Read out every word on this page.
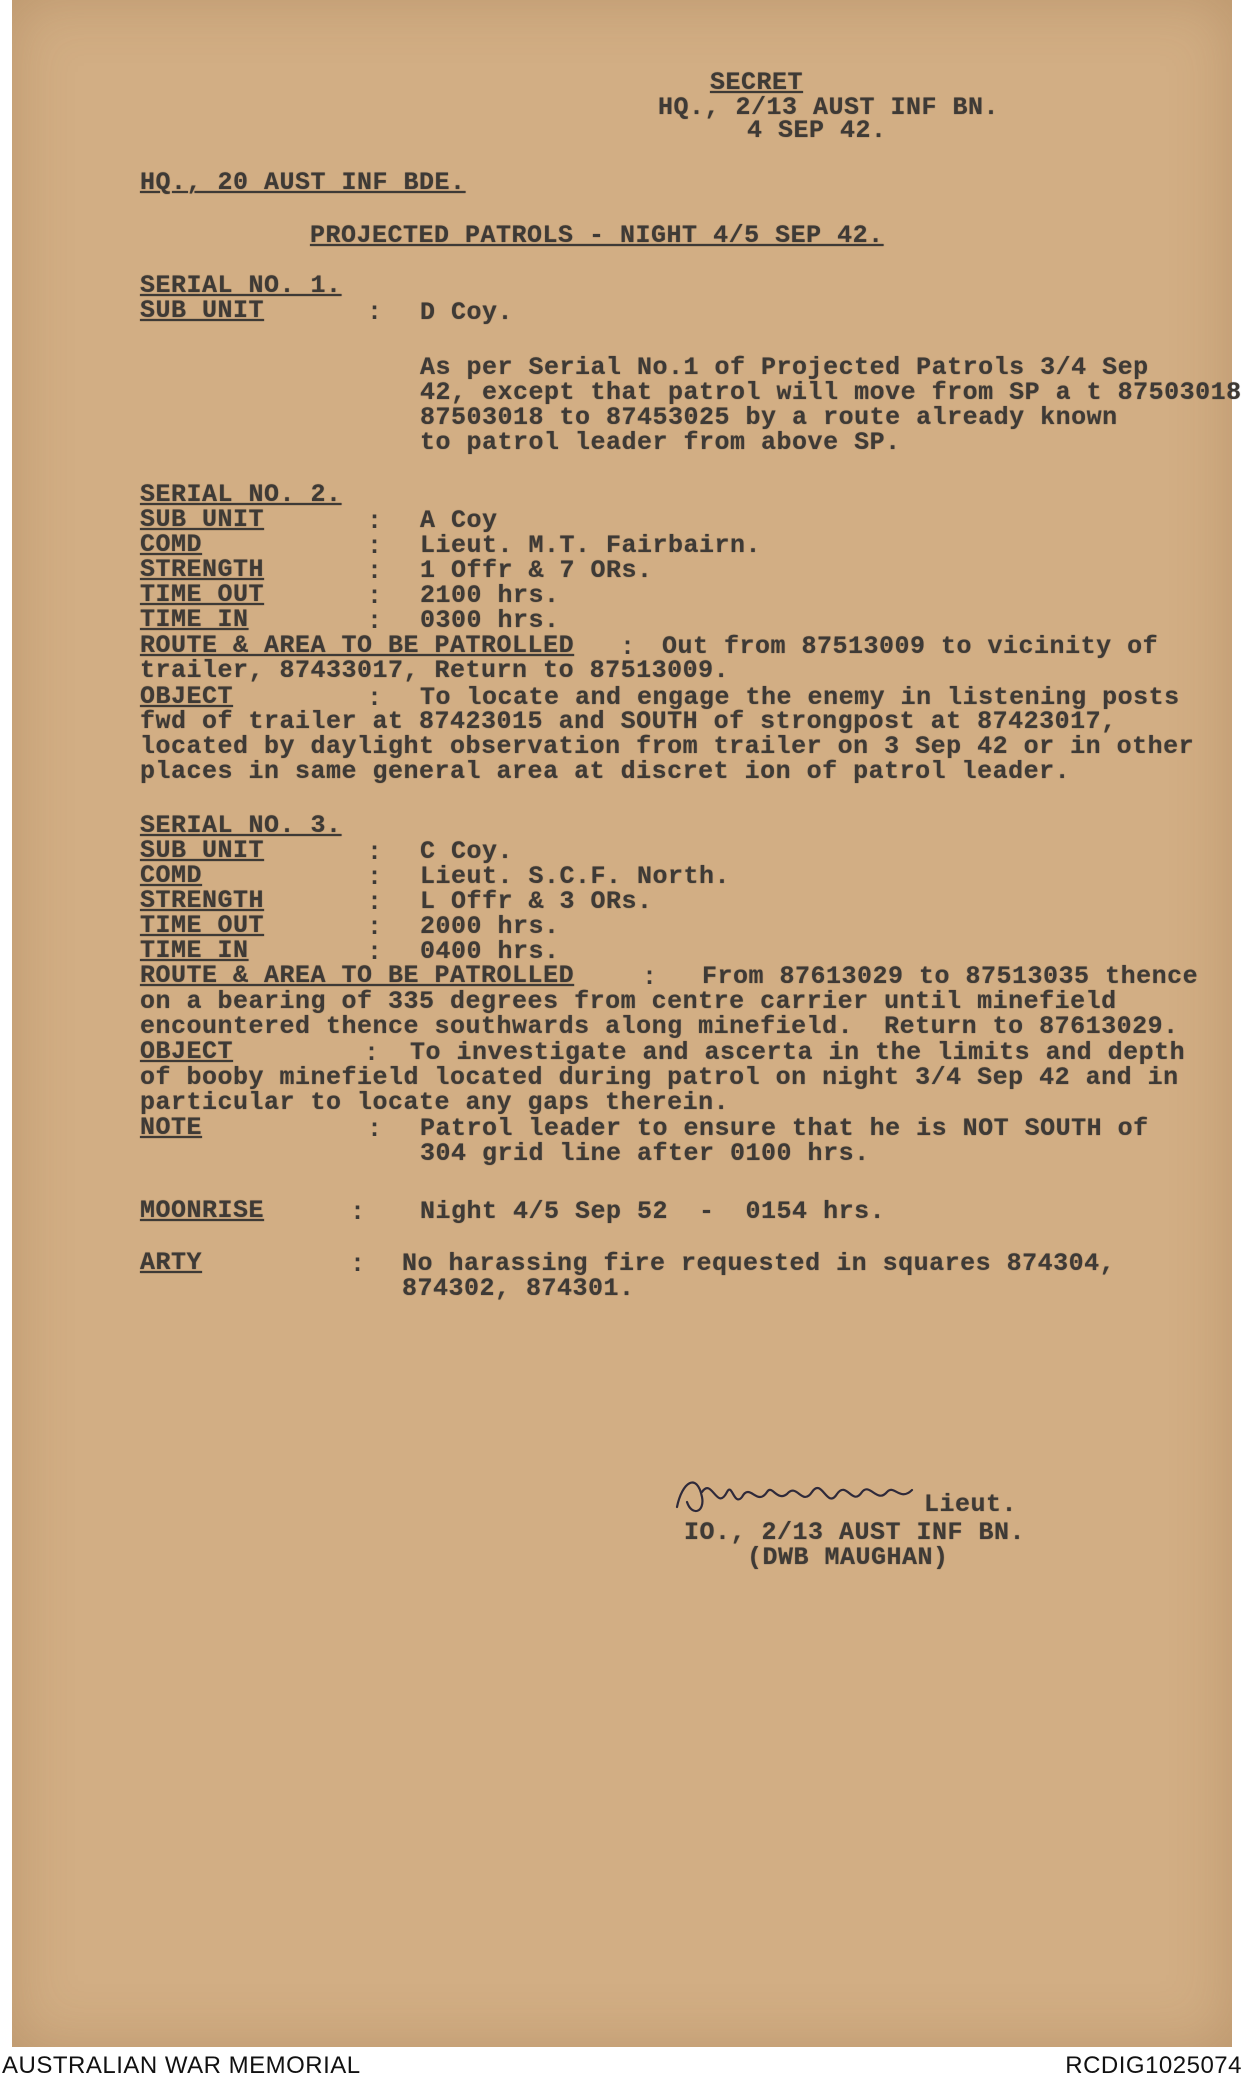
SECRET
HQ., 2/13 AUST INF BN.
4 SEP 42.
HQ., 20 AUST INF BDE.
PROJECTED PATROLS - NIGHT 4/5 SEP 42.
SERIAL NO. 1.
SUB UNIT	: D Coy.
As per Serial No.1 of Projected Patrols 3/4 Sep
42, except that patrol will move from SP a t 87503018
87503018 to 87453025 by a route already known
to patrol leader from above SP.
SERIAL NO. 2.
SUB UNIT	: A Coy
COMD	: Lieut. M.T. Fairbairn.
STRENGTH	: 1 Offr & 7 ORs.
TIME OUT	: 2100 hrs.
TIME IN	: 0300 hrs.
ROUTE & AREA TO BE PATROLLED : Out from 87513009 to vicinity of
trailer, 87433017, Return to 87513009.
OBJECT	: To locate and engage the enemy in listening posts
fwd of trailer at 87423015 and SOUTH of strongpost at 87423017,
located by daylight observation from trailer on 3 Sep 42 or in other
places in same general area at discret ion of patrol leader.
SERIAL NO. 3.
SUB UNIT	: C Coy.
COMD	: Lieut. S.C.F. North.
STRENGTH	: L Offr & 3 ORs.
TIME OUT	: 2000 hrs.
TIME IN	: 0400 hrs.
ROUTE & AREA TO BE PATROLLED	: From 87613029 to 87513035 thence
on a bearing of 335 degrees from centre carrier until minefield
encountered thence southwards along minefield.  Return to 87613029.
OBJECT	: To investigate and ascerta in the limits and depth
of booby minefield located during patrol on night 3/4 Sep 42 and in
particular to locate any gaps therein.
NOTE	: Patrol leader to ensure that he is NOT SOUTH of
304 grid line after 0100 hrs.
MOONRISE	: Night 4/5 Sep 52  -  0154 hrs.
ARTY	: No harassing fire requested in squares 874304,
874302, 874301.
Lieut.
IO., 2/13 AUST INF BN.
(DWB MAUGHAN)
AUSTRALIAN WAR MEMORIAL	RCDIG1025074
